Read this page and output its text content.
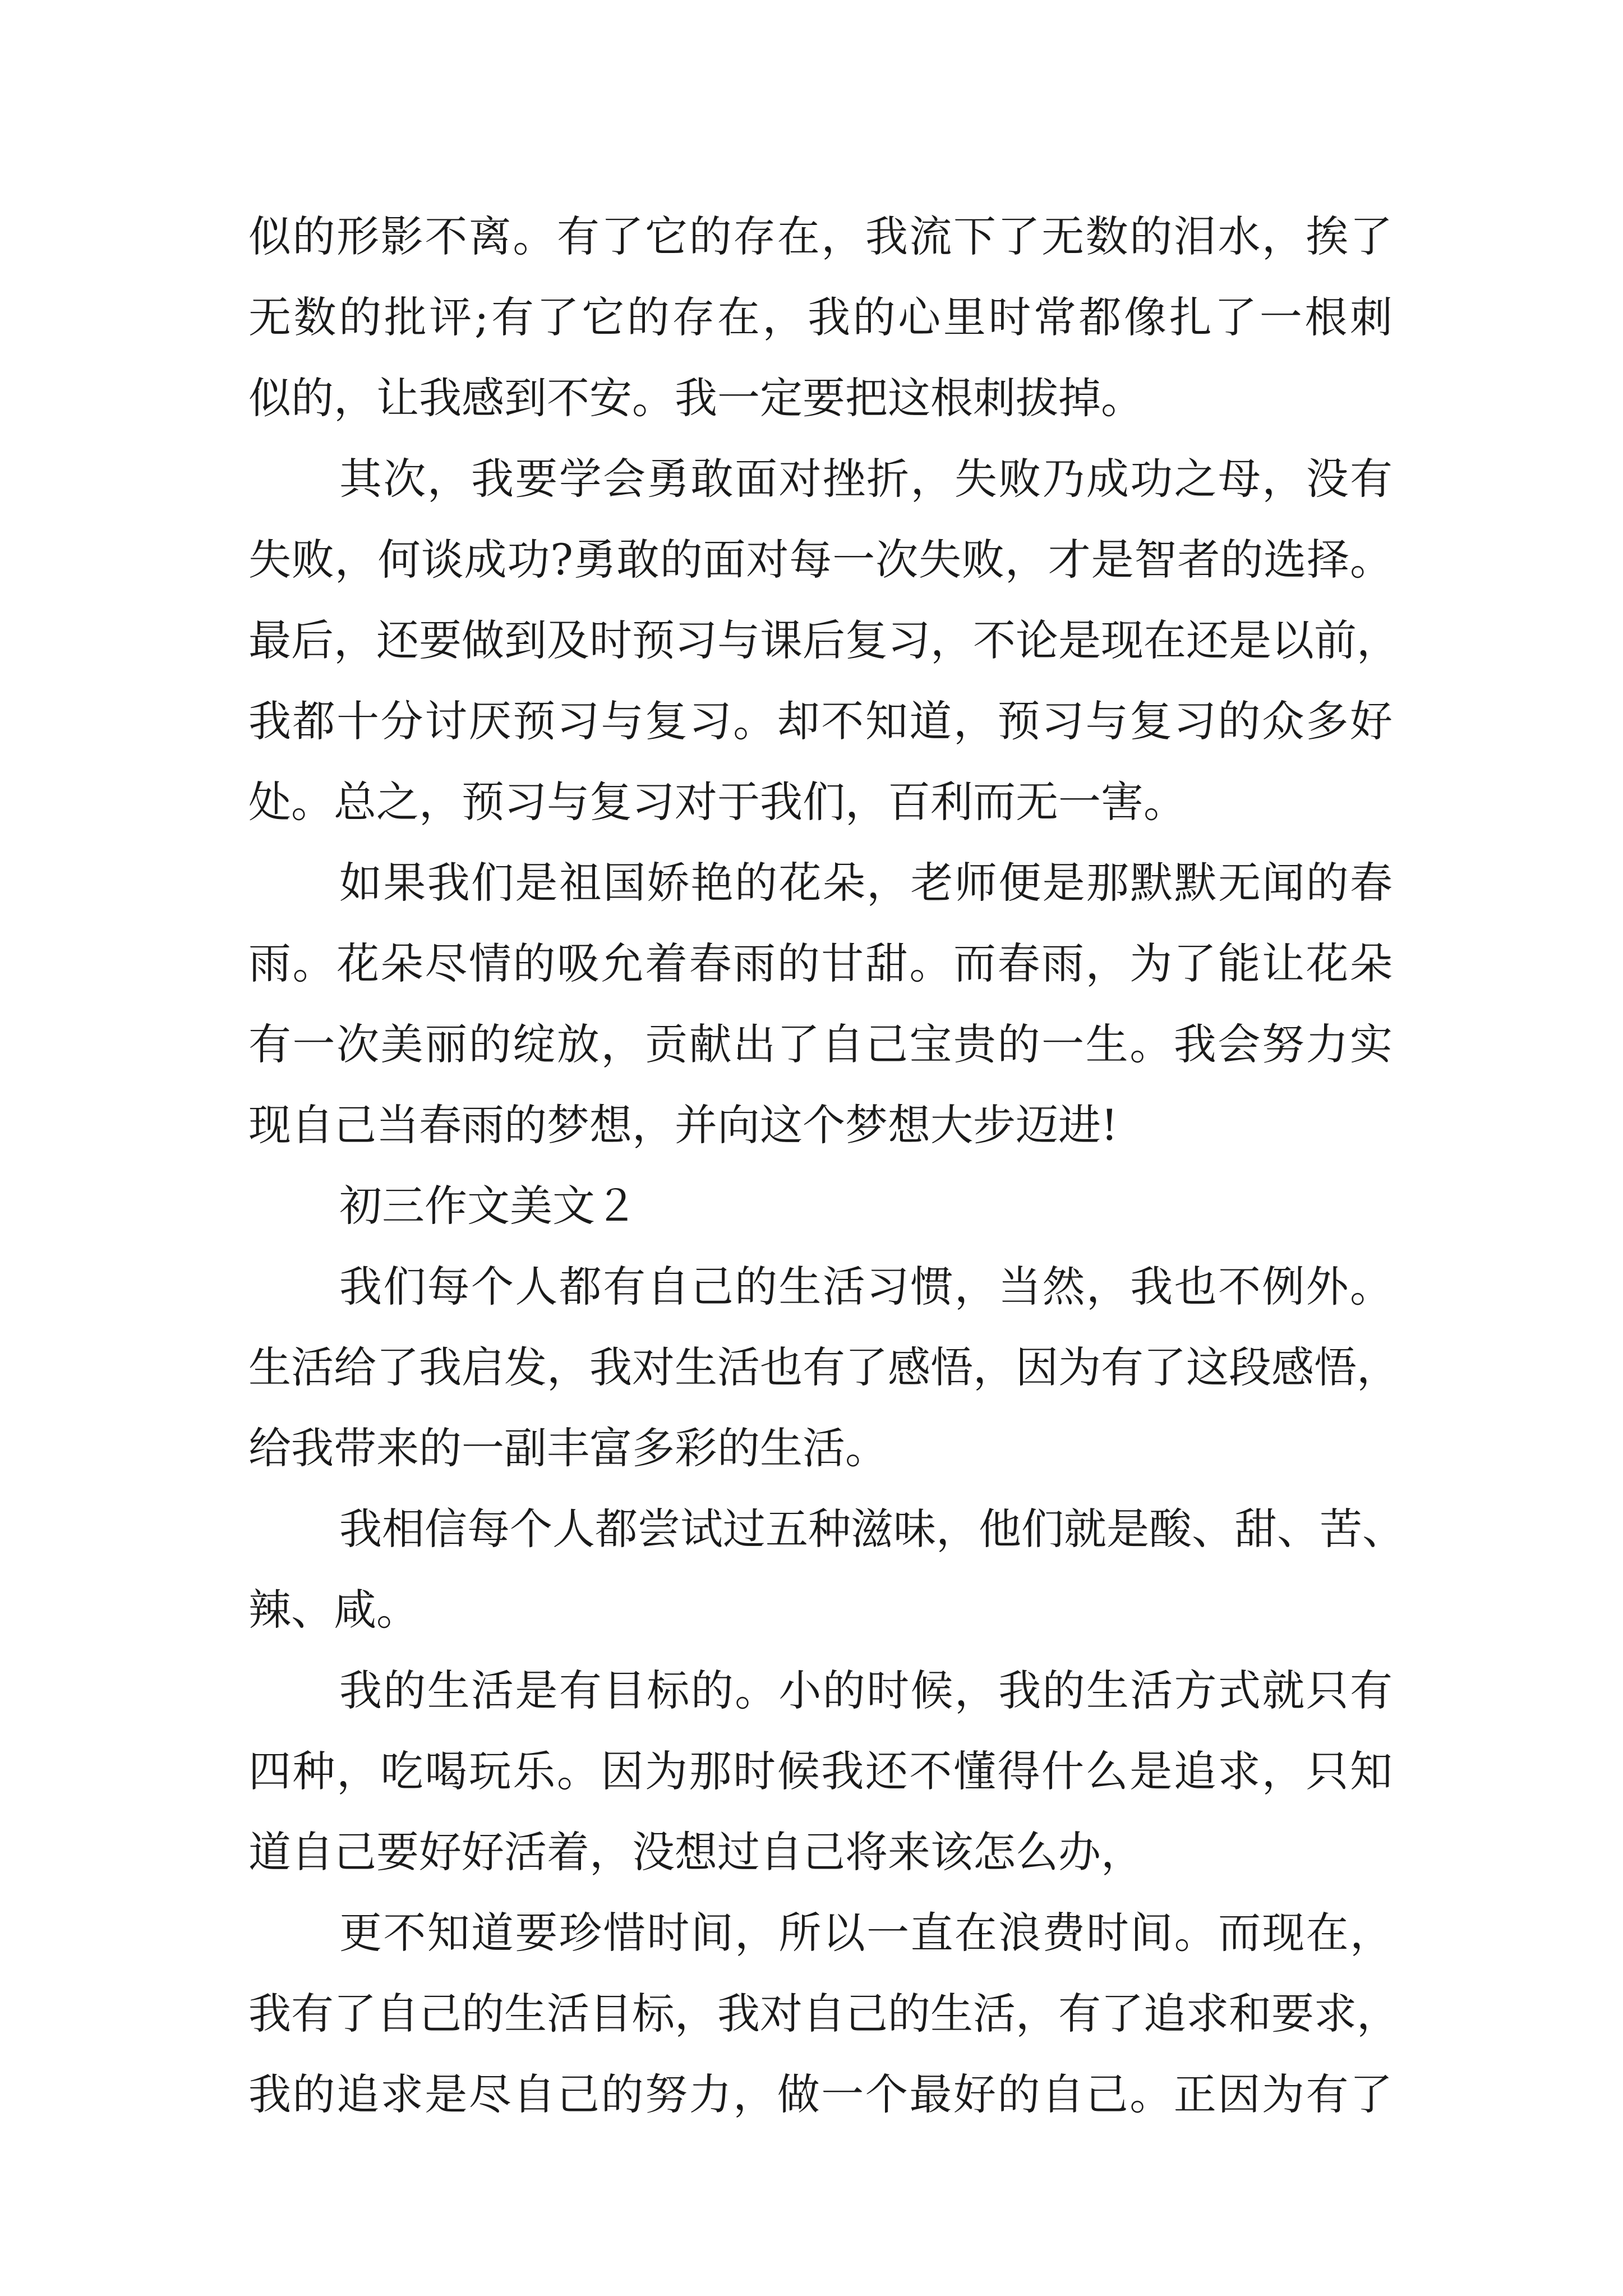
似的形影不离。有了它的存在，我流下了无数的泪水，挨了
无数的批评;有了它的存在，我的心里时常都像扎了一根刺
似的，让我感到不安。我一定要把这根刺拔掉。
其次，我要学会勇敢面对挫折，失败乃成功之母，没有
失败，何谈成功?勇敢的面对每一次失败，才是智者的选择。
最后，还要做到及时预习与课后复习，不论是现在还是以前，
我都十分讨厌预习与复习。却不知道，预习与复习的众多好
处。总之，预习与复习对于我们，百利而无一害。
如果我们是祖国娇艳的花朵，老师便是那默默无闻的春
雨。花朵尽情的吸允着春雨的甘甜。而春雨，为了能让花朵
有一次美丽的绽放，贡献出了自己宝贵的一生。我会努力实
现自己当春雨的梦想，并向这个梦想大步迈进!
初三作文美文２
我们每个人都有自己的生活习惯，当然，我也不例外。
生活给了我启发，我对生活也有了感悟，因为有了这段感悟，
给我带来的一副丰富多彩的生活。
我相信每个人都尝试过五种滋味，他们就是酸、甜、苦、
辣、咸。
我的生活是有目标的。小的时候，我的生活方式就只有
四种，吃喝玩乐。因为那时候我还不懂得什么是追求，只知
道自己要好好活着，没想过自己将来该怎么办，
更不知道要珍惜时间，所以一直在浪费时间。而现在，
我有了自己的生活目标，我对自己的生活，有了追求和要求，
我的追求是尽自己的努力，做一个最好的自己。正因为有了
